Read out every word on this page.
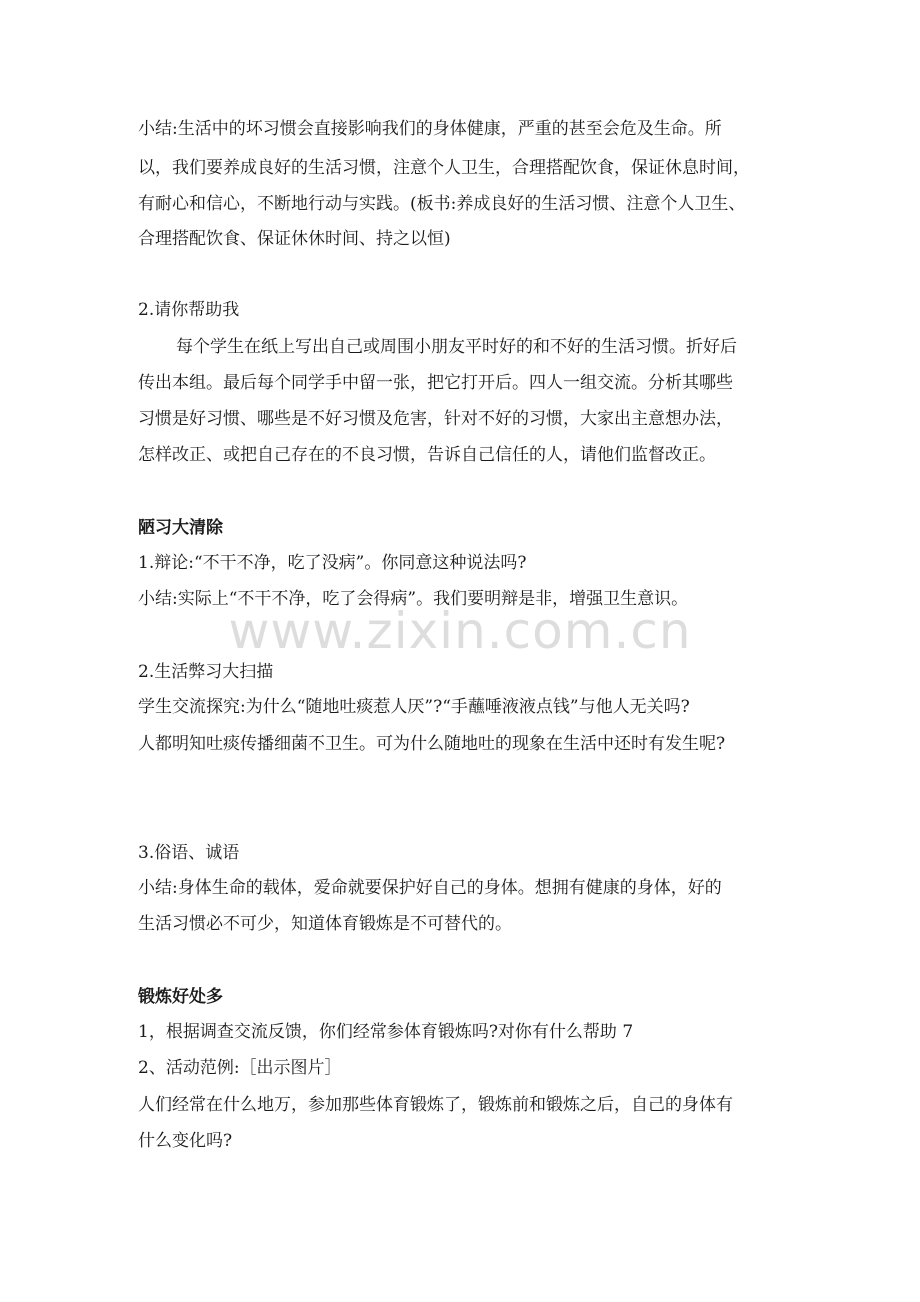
小结:生活中的坏习惯会直接影响我们的身体健康，严重的甚至会危及生命。所
以，我们要养成良好的生活习惯，注意个人卫生，合理搭配饮食，保证休息时间，
有耐心和信心，不断地行动与实践。(板书:养成良好的生活习惯、注意个人卫生、
合理搭配饮食、保证休休时间、持之以恒)
2.请你帮助我
每个学生在纸上写出自己或周围小朋友平时好的和不好的生活习惯。折好后
传出本组。最后每个同学手中留一张，把它打开后。四人一组交流。分析其哪些
习惯是好习惯、哪些是不好习惯及危害，针对不好的习惯，大家出主意想办法，
怎样改正、或把自己存在的不良习惯，告诉自己信任的人，请他们监督改正。
陋习大清除
1.辩论:“不干不净，吃了没病”。你同意这种说法吗?
小结:实际上“不干不净，吃了会得病”。我们要明辩是非，增强卫生意识。
2.生活弊习大扫描
学生交流探究:为什么“随地吐痰惹人厌”?“手蘸唾液液点钱”与他人无关吗?
人都明知吐痰传播细菌不卫生。可为什么随地吐的现象在生活中还时有发生呢?
3.俗语、诚语
小结:身体生命的载体，爱命就要保护好自己的身体。想拥有健康的身体，好的
生活习惯必不可少，知道体育锻炼是不可替代的。
锻炼好处多
1，根据调查交流反馈，你们经常参体育锻炼吗?对你有什么帮助 7
2、活动范例:［出示图片］
人们经常在什么地万，参加那些体育锻炼了，锻炼前和锻炼之后，自己的身体有
什么变化吗?
www.zixin.com.cn
